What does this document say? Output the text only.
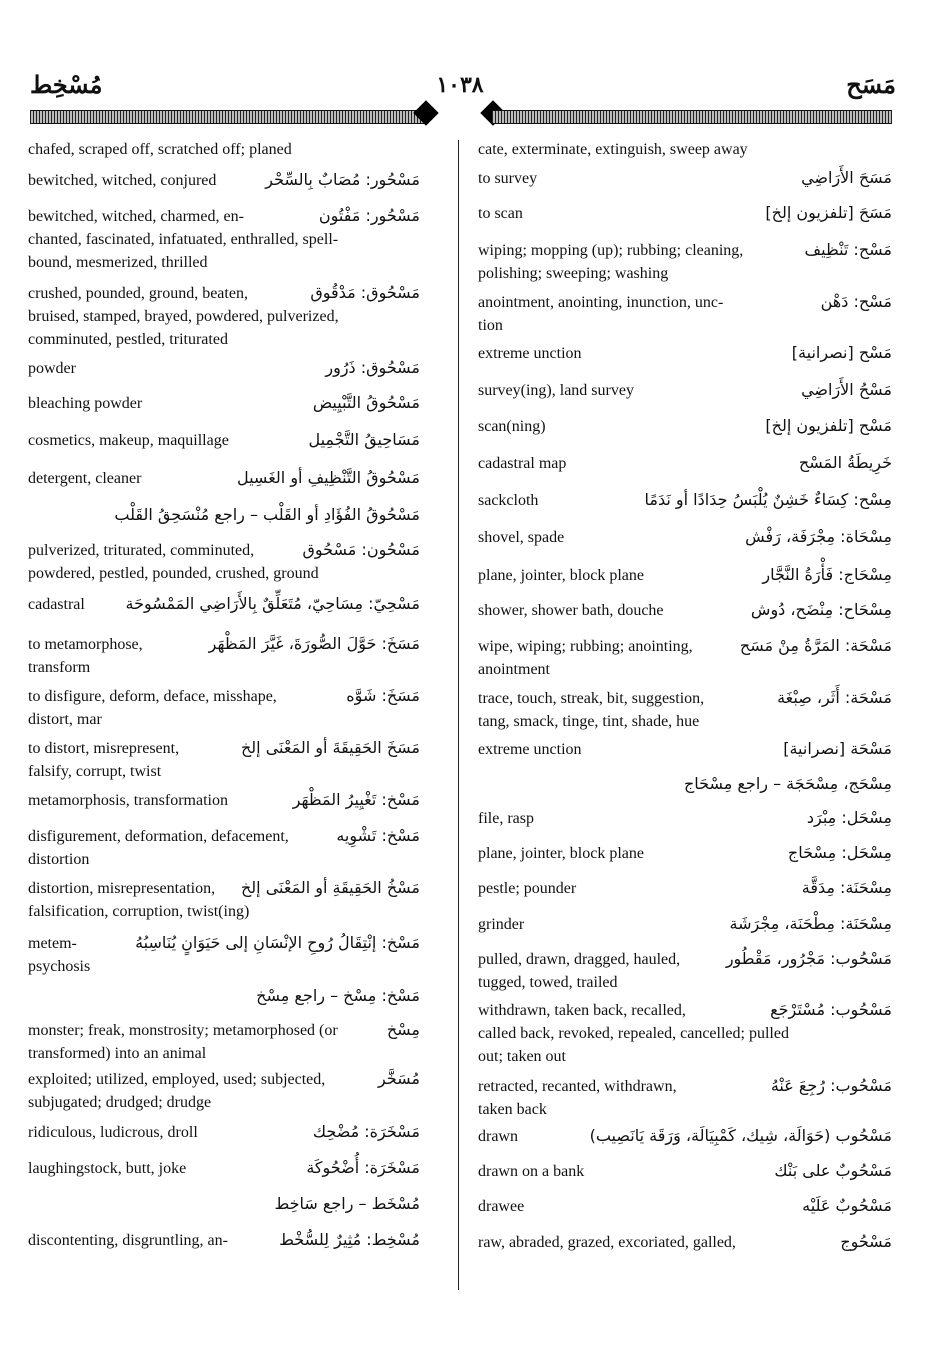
مُسْخِط	١٠٣٨	مَسَح
chafed, scraped off, scratched off; planed
bewitched, witched, conjured
bewitched, witched, charmed, en-
chanted, fascinated, infatuated, enthralled, spell-
bound, mesmerized, thrilled
crushed, pounded, ground, beaten,
bruised, stamped, brayed, powdered, pulverized,
comminuted, pestled, triturated
powder
bleaching powder
cosmetics, makeup, maquillage
detergent, cleaner
pulverized, triturated, comminuted,
powdered, pestled, pounded, crushed, ground
cadastral
to metamorphose,
transform
to disfigure, deform, deface, misshape,
distort, mar
to distort, misrepresent,
falsify, corrupt, twist
metamorphosis, transformation
disfigurement, deformation, defacement,
distortion
distortion, misrepresentation,
falsification, corruption, twist(ing)
metem-
psychosis
monster; freak, monstrosity; metamorphosed (or
transformed) into an animal
exploited; utilized, employed, used; subjected,
subjugated; drudged; drudge
ridiculous, ludicrous, droll
laughingstock, butt, joke
discontenting, disgruntling, an-
cate, exterminate, extinguish, sweep away
to survey
to scan
wiping; mopping (up); rubbing; cleaning,
polishing; sweeping; washing
anointment, anointing, inunction, unc-
tion
extreme unction
survey(ing), land survey
scan(ning)
cadastral map
sackcloth
shovel, spade
plane, jointer, block plane
shower, shower bath, douche
wipe, wiping; rubbing; anointing,
anointment
trace, touch, streak, bit, suggestion,
tang, smack, tinge, tint, shade, hue
extreme unction
file, rasp
plane, jointer, block plane
pestle; pounder
grinder
pulled, drawn, dragged, hauled,
tugged, towed, trailed
withdrawn, taken back, recalled,
called back, revoked, repealed, cancelled; pulled
out; taken out
retracted, recanted, withdrawn,
taken back
drawn
drawn on a bank
drawee
raw, abraded, grazed, excoriated, galled,
مَسْحُور: مُصَابٌ بِالسِّحْر
مَسْحُور: مَفْتُون
مَسْحُوق: مَدْقُوق
مَسْحُوق: ذَرُور
مَسْحُوقُ التَّبْيِيض
مَسَاحِيقُ التَّجْمِيل
مَسْحُوقُ التَّنْظِيفِ أو الغَسِيل
مَسْحُوقُ الفُؤَادِ أو القَلْب – راجع مُنْسَحِقُ القَلْب
مَسْحُون: مَسْحُوق
مَسْحِيّ: مِسَاحِيّ، مُتَعَلِّقٌ بِالأَرَاضِي المَمْسُوحَة
مَسَخَ: حَوَّلَ الصُّورَةَ، غَيَّرَ المَظْهَر
مَسَخَ: شَوَّه
مَسَخَ الحَقِيقَةَ أو المَعْنَى إلخ
مَسْخ: تَغْيِيرُ المَظْهَر
مَسْخ: تَشْوِيه
مَسْخُ الحَقِيقَةِ أو المَعْنَى إلخ
مَسْخ: إنْتِقَالُ رُوحِ الإنْسَانِ إلى حَيَوَانٍ يُنَاسِبُهُ
مَسْخ: مِسْخ – راجع مِسْخ
مِسْخ
مُسَخَّر
مَسْخَرَة: مُضْحِك
مَسْخَرَة: أُضْحُوكَة
مُسْخَط – راجع سَاخِط
مُسْخِط: مُثِيرٌ لِلسُّخْط
مَسَحَ الأَرَاضِي
مَسَحَ [تلفزيون إلخ]
مَسْح: تَنْظِيف
مَسْح: دَهْن
مَسْح [نصرانية]
مَسْحُ الأَرَاضِي
مَسْح [تلفزيون إلخ]
خَرِيطَةُ المَسْح
مِسْح: كِسَاءٌ خَشِنٌ يُلْبَسُ حِدَادًا أو نَدَمًا
مِسْحَاة: مِجْرَفَة، رَفْش
مِسْحَاج: فَأْرَةُ النَّجَّار
مِسْحَاح: مِنْضَح، دُوش
مَسْحَة: المَرَّةُ مِنْ مَسَح
مَسْحَة: أَثَر، صِبْغَة
مَسْحَة [نصرانية]
مِسْحَج، مِسْحَجَة – راجع مِسْحَاج
مِسْحَل: مِبْرَد
مِسْحَل: مِسْحَاج
مِسْحَنَة: مِدَقَّة
مِسْحَنَة: مِطْحَنَة، مِجْرَشَة
مَسْحُوب: مَجْرُور، مَقْطُور
مَسْحُوب: مُسْتَرْجَع
مَسْحُوب: رُجِعَ عَنْهُ
مَسْحُوب (حَوَالَة، شِيك، كَمْبِيَالَة، وَرَقَة يَانَصِيب)
مَسْحُوبٌ على بَنْك
مَسْحُوبٌ عَلَيْه
مَسْحُوج
